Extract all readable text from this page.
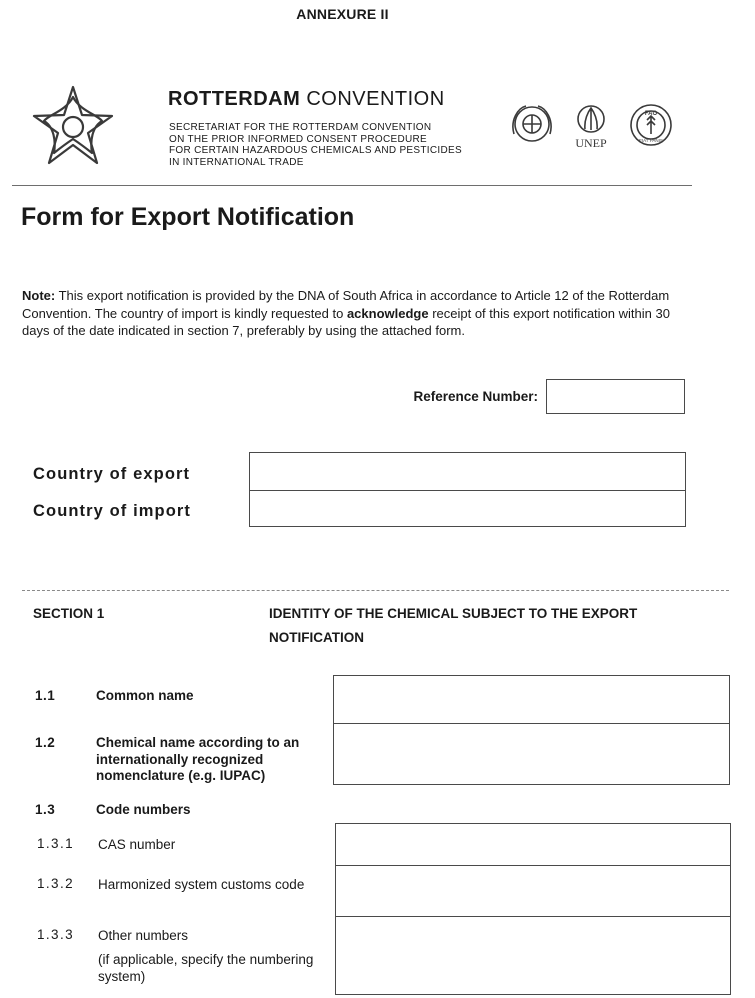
ANNEXURE II
ROTTERDAM CONVENTION
SECRETARIAT FOR THE ROTTERDAM CONVENTION
ON THE PRIOR INFORMED CONSENT PROCEDURE
FOR CERTAIN HAZARDOUS CHEMICALS AND PESTICIDES
IN INTERNATIONAL TRADE
UNEP
FAO
FIAT PANIS
Form for Export Notification
Note: This export notification is provided by the DNA of South Africa in accordance to Article 12 of the Rotterdam Convention. The country of import is kindly requested to acknowledge receipt of this export notification within 30 days of the date indicated in section 7, preferably by using the attached form.
Reference Number:
Country of export
Country of import
SECTION 1	IDENTITY OF THE CHEMICAL SUBJECT TO THE EXPORT NOTIFICATION
1.1	Common name
1.2	Chemical name according to an internationally recognized nomenclature (e.g. IUPAC)
1.3	Code numbers
1.3.1 CAS number
1.3.2 Harmonized system customs code
1.3.3 Other numbers
(if applicable, specify the numbering system)
